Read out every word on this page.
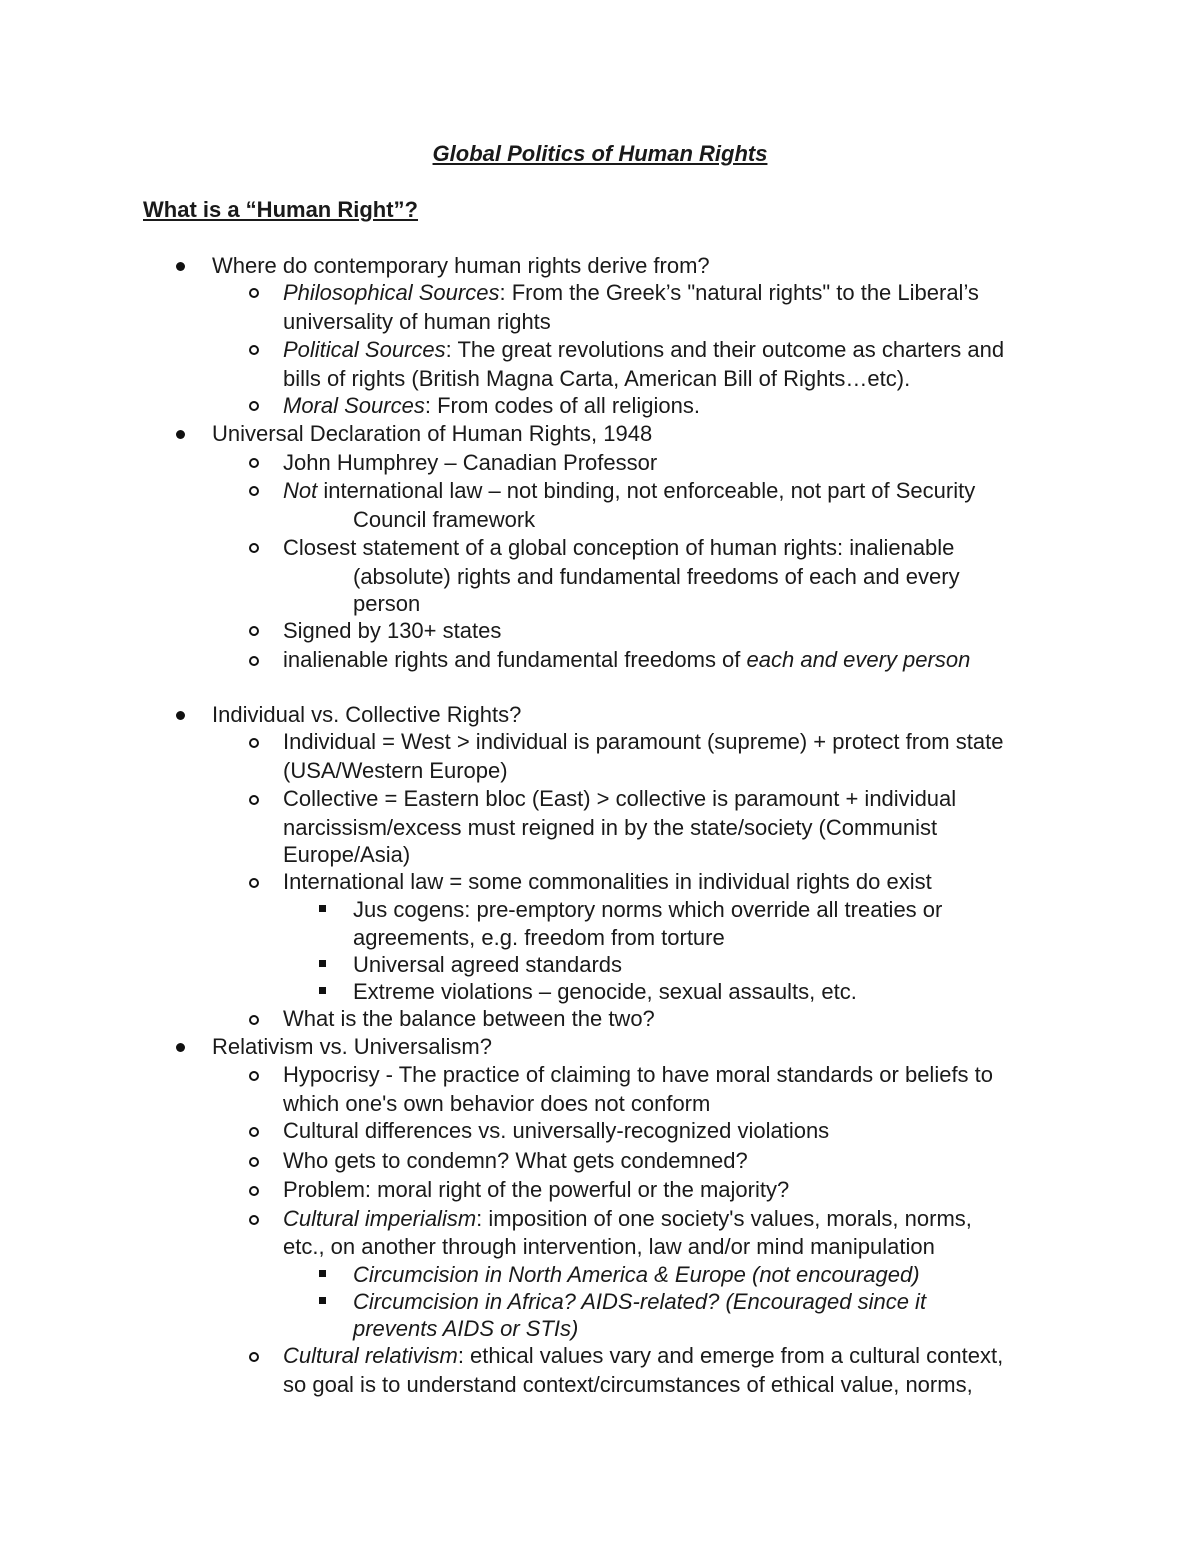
Global Politics of Human Rights
What is a “Human Right”?

Where do contemporary human rights derive from?

Philosophical Sources: From the Greek’s "natural rights" to the Liberal’s

universality of human rights

Political Sources: The great revolutions and their outcome as charters and

bills of rights (British Magna Carta, American Bill of Rights…etc).

Moral Sources: From codes of all religions.

Universal Declaration of Human Rights, 1948

John Humphrey – Canadian Professor

Not international law – not binding, not enforceable, not part of Security

Council framework

Closest statement of a global conception of human rights: inalienable

(absolute) rights and fundamental freedoms of each and every

person

Signed by 130+ states

inalienable rights and fundamental freedoms of each and every person

Individual vs. Collective Rights?

Individual = West > individual is paramount (supreme) + protect from state

(USA/Western Europe)

Collective = Eastern bloc (East) > collective is paramount + individual

narcissism/excess must reigned in by the state/society (Communist

Europe/Asia)

International law = some commonalities in individual rights do exist

Jus cogens: pre-emptory norms which override all treaties or

agreements, e.g. freedom from torture

Universal agreed standards

Extreme violations – genocide, sexual assaults, etc.

What is the balance between the two?

Relativism vs. Universalism?

Hypocrisy - The practice of claiming to have moral standards or beliefs to

which one's own behavior does not conform

Cultural differences vs. universally-recognized violations

Who gets to condemn? What gets condemned?

Problem: moral right of the powerful or the majority?

Cultural imperialism: imposition of one society's values, morals, norms,

etc., on another through intervention, law and/or mind manipulation

Circumcision in North America & Europe (not encouraged)

Circumcision in Africa? AIDS-related? (Encouraged since it

prevents AIDS or STIs)

Cultural relativism: ethical values vary and emerge from a cultural context,

so goal is to understand context/circumstances of ethical value, norms,
